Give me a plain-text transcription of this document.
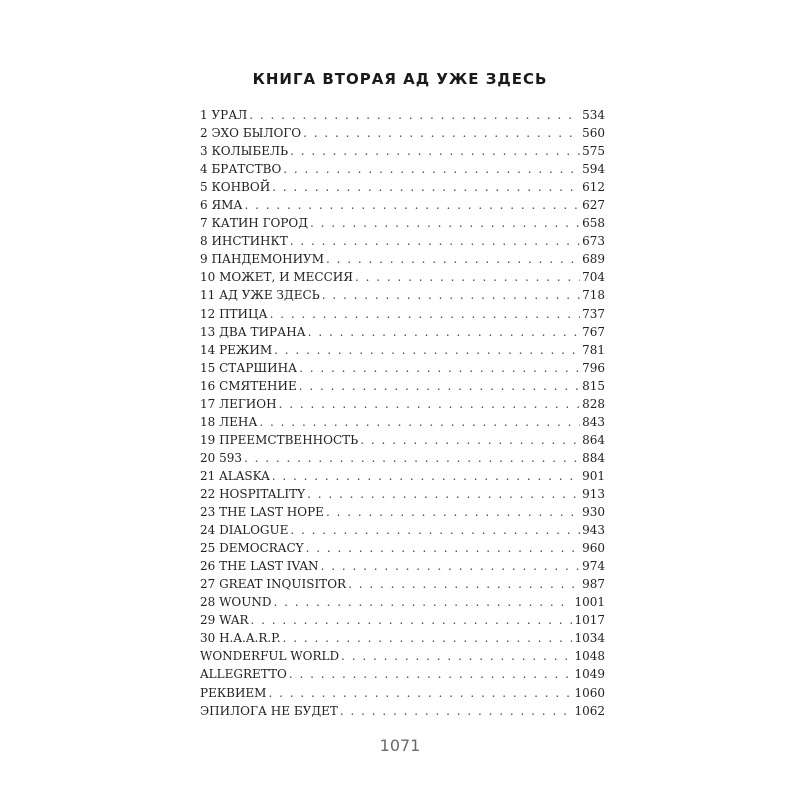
КНИГА ВТОРАЯ АД УЖЕ ЗДЕСЬ
1 УРАЛ . . .	534
2 ЭХО БЫЛОГО . . .	560
3 КОЛЫБЕЛЬ . . .	575
4 БРАТСТВО . . .	594
5 КОНВОЙ . . .	612
6 ЯМА . . .	627
7 КАТИН ГОРОД . . .	658
8 ИНСТИНКТ . . .	673
9 ПАНДЕМОНИУМ . . .	689
10 МОЖЕТ, И МЕССИЯ . . .	704
11 АД УЖЕ ЗДЕСЬ . . .	718
12 ПТИЦА . . .	737
13 ДВА ТИРАНА . . .	767
14 РЕЖИМ . . .	781
15 СТАРШИНА . . .	796
16 СМЯТЕНИЕ . . .	815
17 ЛЕГИОН . . .	828
18 ЛЕНА . . .	843
19 ПРЕЕМСТВЕННОСТЬ . . .	864
20 593 . . .	884
21 ALASKA . . .	901
22 HOSPITALITY . . .	913
23 THE LAST HOPE . . .	930
24 DIALOGUE . . .	943
25 DEMOCRACY . . .	960
26 THE LAST IVAN . . .	974
27 GREAT INQUISITOR . . .	987
28 WOUND . . .	1001
29 WAR . . .	1017
30 H.A.A.R.P. . . .	1034
WONDERFUL WORLD . . .	1048
ALLEGRETTO . . .	1049
РЕКВИЕМ . . .	1060
ЭПИЛОГА НЕ БУДЕТ . . .	1062
1071
